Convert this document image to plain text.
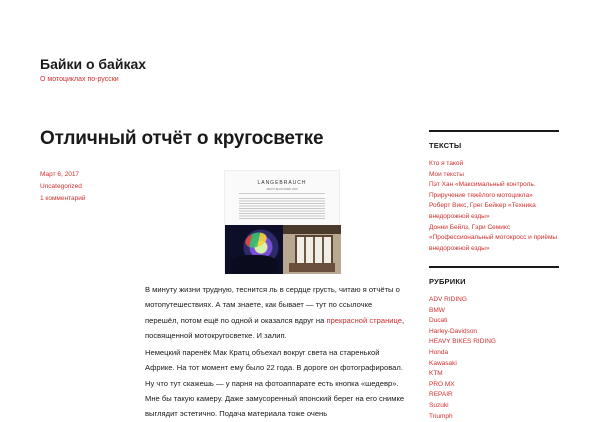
Байки о байках
О мотоциклах по-русски
Отличный отчёт о кругосветке
Март 6, 2017
Uncategorized
1 комментарий
LANGEBRAUCH
ABOUT BLOG WORK JOIN

В минуту жизни трудную, теснится ль в сердце грусть, читаю я отчёты о мотопутешествиях. А там знаете, как бывает — тут по ссылочке перешёл, потом ещё по одной и оказался вдруг на прекрасной странице, посвященной мотокругосветке. И залип.

Немецкий паренёк Мак Кратц объехал вокруг света на старенькой Африке. На тот момент ему было 22 года. В дороге он фотографировал. Ну что тут скажешь — у парня на фотоаппарате есть кнопка «шедевр». Мне бы такую камеру. Даже замусоренный японский берег на его снимке выглядит эстетично. Подача материала тоже очень

ТЕКСТЫ
Кто я такой
Мои тексты
Пэт Хан «Максимальный контроль. Приручение тяжёлого мотоцикла»
Роберт Викс, Грег Бейкер «Техника внедорожной езды»
Донни Бейлз, Гэри Семикс «Профессиональный мотокросс и приёмы внедорожной езды»
РУБРИКИ
ADV RIDING
BMW
Ducati
Harley-Davidson
HEAVY BIKES RIDING
Honda
Kawasaki
KTM
PRO MX
REPAIR
Suzuki
Triumph
